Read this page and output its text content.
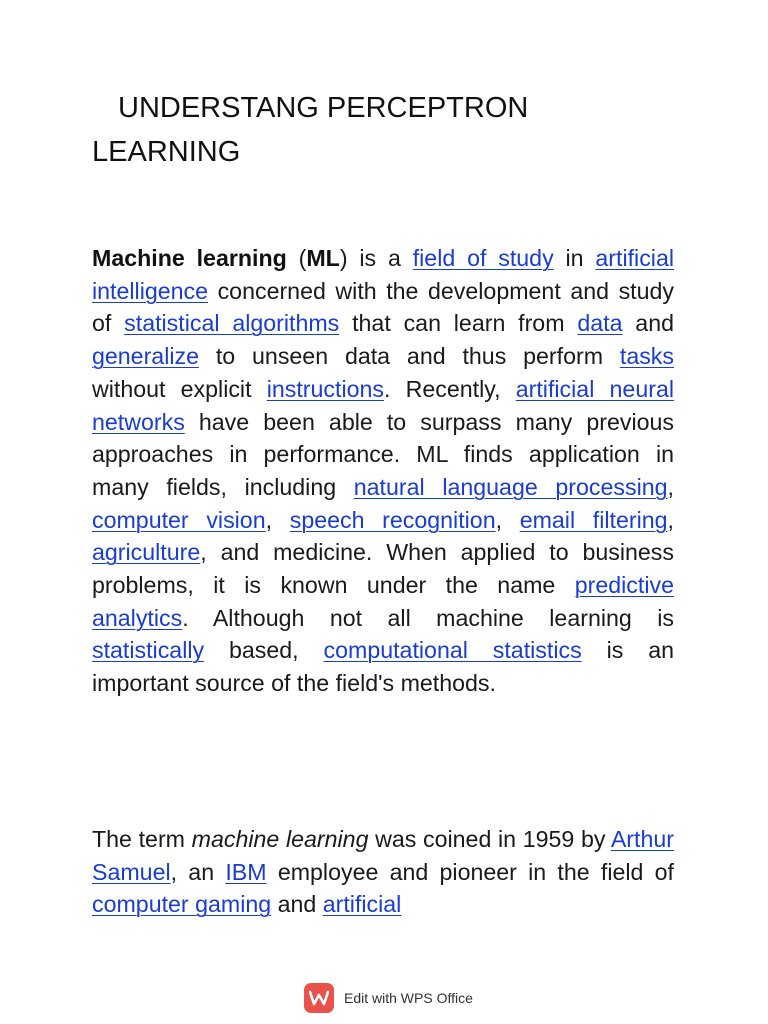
UNDERSTANG PERCEPTRON
LEARNING

Machine learning (ML) is a field of study in artificial intelligence concerned with the development and study of statistical algorithms that can learn from data and generalize to unseen data and thus perform tasks without explicit instructions. Recently, artificial neural networks have been able to surpass many previous approaches in performance. ML finds application in many fields, including natural language processing, computer vision, speech recognition, email filtering, agriculture, and medicine. When applied to business problems, it is known under the name predictive analytics. Although not all machine learning is statistically based, computational statistics is an important source of the field's methods.

The term machine learning was coined in 1959 by Arthur Samuel, an IBM employee and pioneer in the field of computer gaming and artificial

Edit with WPS Office
